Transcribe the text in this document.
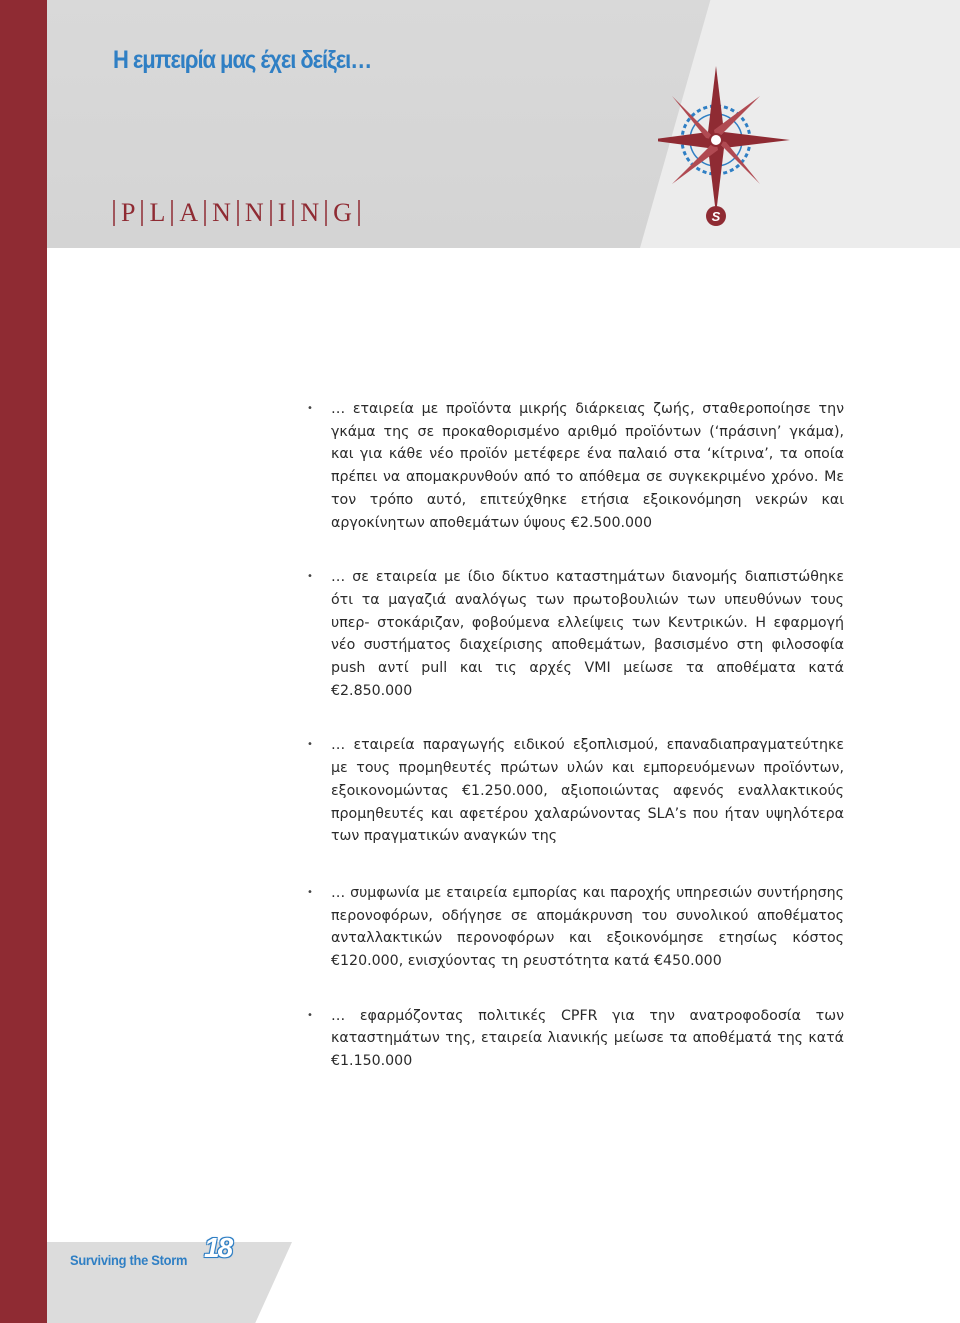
Η εμπειρία μας έχει δείξει…
P L A N N I N G	S

• … εταιρεία με προϊόντα μικρής διάρκειας ζωής, σταθεροποίησε την γκάμα της σε προκαθορισμένο αριθμό προϊόντων (‘πράσινη’ γκάμα), και για κάθε νέο προϊόν μετέφερε ένα παλαιό στα ‘κίτρινα’, τα οποία πρέπει να απομακρυνθούν από το απόθεμα σε συγκεκριμένο χρόνο. Με τον τρόπο αυτό, επιτεύχθηκε ετήσια εξοικονόμηση νεκρών και αργοκίνητων αποθεμάτων ύψους €2.500.000

• … σε εταιρεία με ίδιο δίκτυο καταστημάτων διανομής διαπιστώθηκε ότι τα μαγαζιά αναλόγως των πρωτοβουλιών των υπευθύνων τους υπερ- στοκάριζαν, φοβούμενα ελλείψεις των Κεντρικών. Η εφαρμογή νέο συστήματος διαχείρισης αποθεμάτων, βασισμένο στη φιλοσοφία push αντί pull και τις αρχές VMI μείωσε τα αποθέματα κατά €2.850.000

• … εταιρεία παραγωγής ειδικού εξοπλισμού, επαναδιαπραγματεύτηκε με τους προμηθευτές πρώτων υλών και εμπορευόμενων προϊόντων, εξοικονομώντας €1.250.000, αξιοποιώντας αφενός εναλλακτικούς προμηθευτές και αφετέρου χαλαρώνοντας SLA’s που ήταν υψηλότερα των πραγματικών αναγκών της

• … συμφωνία με εταιρεία εμπορίας και παροχής υπηρεσιών συντήρησης περονοφόρων, οδήγησε σε απομάκρυνση του συνολικού αποθέματος ανταλλακτικών περονοφόρων και εξοικονόμησε ετησίως κόστος €120.000, ενισχύοντας τη ρευστότητα κατά €450.000

• … εφαρμόζοντας πολιτικές CPFR για την ανατροφοδοσία των καταστημάτων της, εταιρεία λιανικής μείωσε τα αποθέματά της κατά €1.150.000

Surviving the Storm 18
